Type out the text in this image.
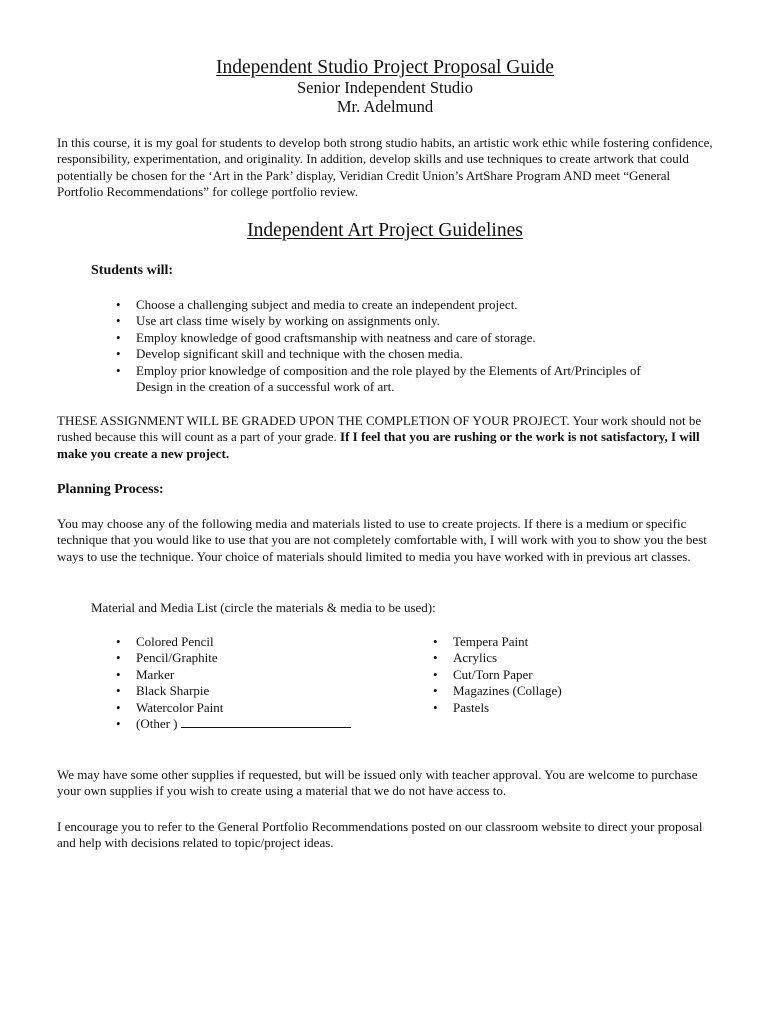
Independent Studio Project Proposal Guide
Senior Independent Studio
Mr. Adelmund
In this course, it is my goal for students to develop both strong studio habits, an artistic work ethic while fostering confidence, responsibility, experimentation, and originality. In addition, develop skills and use techniques to create artwork that could potentially be chosen for the ‘Art in the Park’ display, Veridian Credit Union’s ArtShare Program AND meet “General Portfolio Recommendations” for college portfolio review.
Independent Art Project Guidelines
Students will:
•	Choose a challenging subject and media to create an independent project.
•	Use art class time wisely by working on assignments only.
•	Employ knowledge of good craftsmanship with neatness and care of storage.
•	Develop significant skill and technique with the chosen media.
•	Employ prior knowledge of composition and the role played by the Elements of Art/Principles of Design in the creation of a successful work of art.
THESE ASSIGNMENT WILL BE GRADED UPON THE COMPLETION OF YOUR PROJECT. Your work should not be rushed because this will count as a part of your grade. If I feel that you are rushing or the work is not satisfactory, I will make you create a new project.
Planning Process:
You may choose any of the following media and materials listed to use to create projects. If there is a medium or specific technique that you would like to use that you are not completely comfortable with, I will work with you to show you the best ways to use the technique. Your choice of materials should limited to media you have worked with in previous art classes.
Material and Media List (circle the materials & media to be used):
•	Colored Pencil
•	Pencil/Graphite
•	Marker
•	Black Sharpie
•	Watercolor Paint
•	(Other )
•	Tempera Paint
•	Acrylics
•	Cut/Torn Paper
•	Magazines (Collage)
•	Pastels
We may have some other supplies if requested, but will be issued only with teacher approval. You are welcome to purchase your own supplies if you wish to create using a material that we do not have access to.
I encourage you to refer to the General Portfolio Recommendations posted on our classroom website to direct your proposal and help with decisions related to topic/project ideas.
